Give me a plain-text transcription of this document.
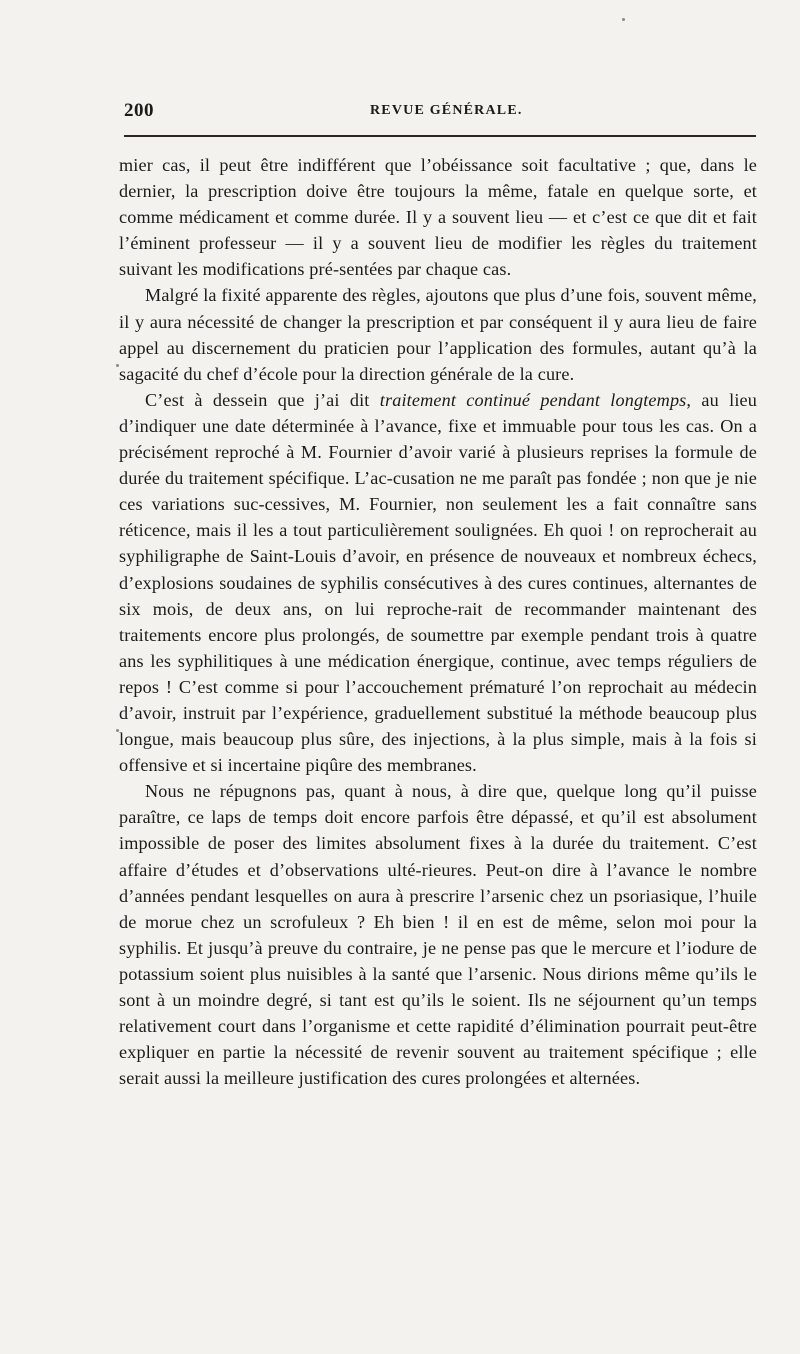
200	REVUE GÉNÉRALE.

mier cas, il peut être indifférent que l’obéissance soit facultative ; que, dans le dernier, la prescription doive être toujours la même, fatale en quelque sorte, et comme médicament et comme durée. Il y a souvent lieu — et c’est ce que dit et fait l’éminent professeur — il y a souvent lieu de modifier les règles du traitement suivant les modifications pré-sentées par chaque cas.

Malgré la fixité apparente des règles, ajoutons que plus d’une fois, souvent même, il y aura nécessité de changer la prescription et par conséquent il y aura lieu de faire appel au discernement du praticien pour l’application des formules, autant qu’à la sagacité du chef d’école pour la direction générale de la cure.

C’est à dessein que j’ai dit traitement continué pendant longtemps, au lieu d’indiquer une date déterminée à l’avance, fixe et immuable pour tous les cas. On a précisément reproché à M. Fournier d’avoir varié à plusieurs reprises la formule de durée du traitement spécifique. L’ac-cusation ne me paraît pas fondée ; non que je nie ces variations suc-cessives, M. Fournier, non seulement les a fait connaître sans réticence, mais il les a tout particulièrement soulignées. Eh quoi ! on reprocherait au syphiligraphe de Saint-Louis d’avoir, en présence de nouveaux et nombreux échecs, d’explosions soudaines de syphilis consécutives à des cures continues, alternantes de six mois, de deux ans, on lui reproche-rait de recommander maintenant des traitements encore plus prolongés, de soumettre par exemple pendant trois à quatre ans les syphilitiques à une médication énergique, continue, avec temps réguliers de repos ! C’est comme si pour l’accouchement prématuré l’on reprochait au médecin d’avoir, instruit par l’expérience, graduellement substitué la méthode beaucoup plus longue, mais beaucoup plus sûre, des injections, à la plus simple, mais à la fois si offensive et si incertaine piqûre des membranes.

Nous ne répugnons pas, quant à nous, à dire que, quelque long qu’il puisse paraître, ce laps de temps doit encore parfois être dépassé, et qu’il est absolument impossible de poser des limites absolument fixes à la durée du traitement. C’est affaire d’études et d’observations ulté-rieures. Peut-on dire à l’avance le nombre d’années pendant lesquelles on aura à prescrire l’arsenic chez un psoriasique, l’huile de morue chez un scrofuleux ? Eh bien ! il en est de même, selon moi pour la syphilis. Et jusqu’à preuve du contraire, je ne pense pas que le mercure et l’iodure de potassium soient plus nuisibles à la santé que l’arsenic. Nous dirions même qu’ils le sont à un moindre degré, si tant est qu’ils le soient. Ils ne séjournent qu’un temps relativement court dans l’organisme et cette rapidité d’élimination pourrait peut-être expliquer en partie la nécessité de revenir souvent au traitement spécifique ; elle serait aussi la meilleure justification des cures prolongées et alternées.
